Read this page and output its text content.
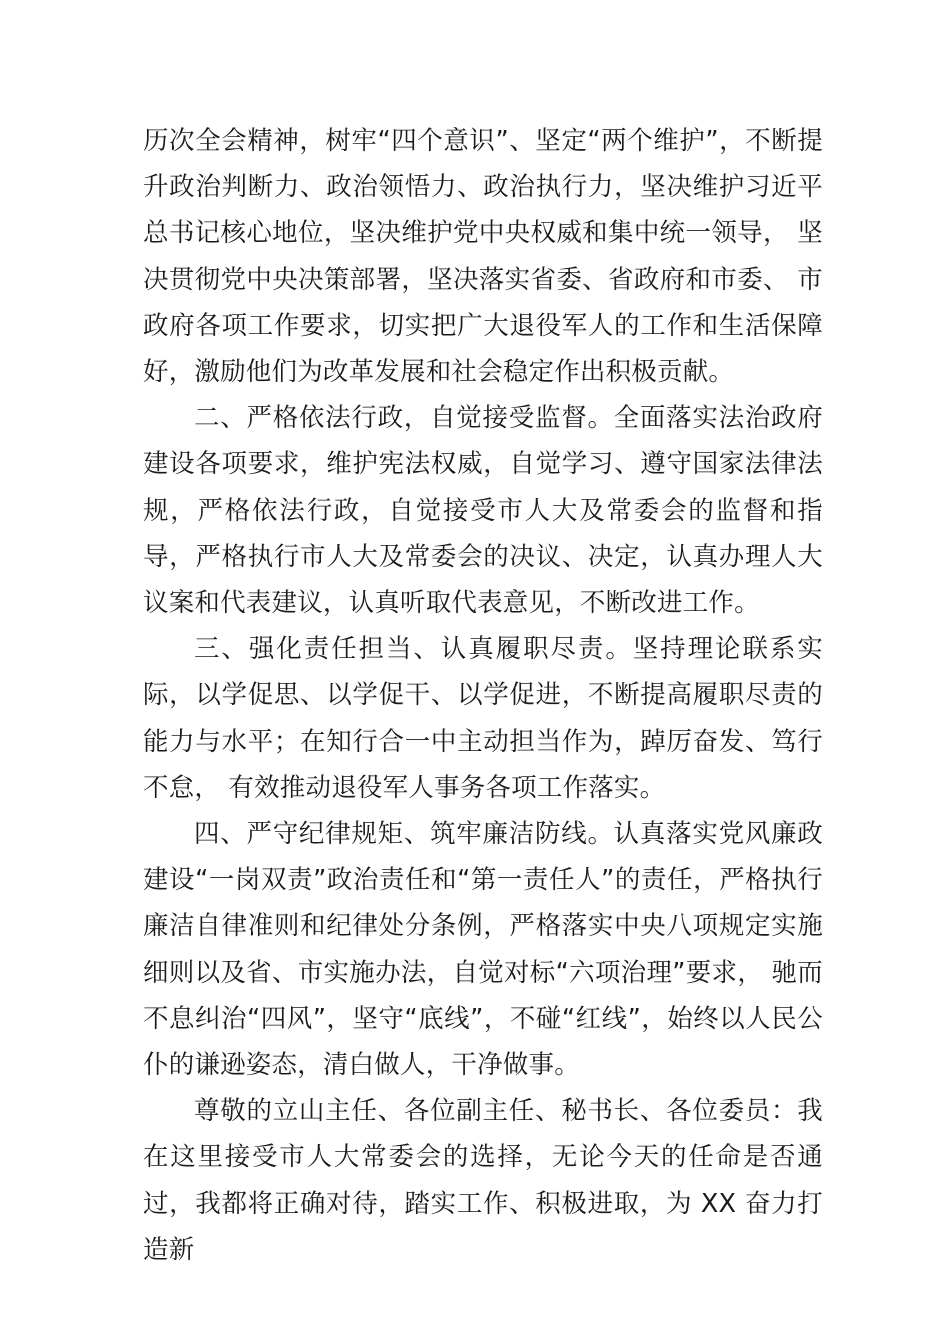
历次全会精神，树牢“四个意识”、坚定“两个维护”，不断提升政治判断力、政治领悟力、政治执行力，坚决维护习近平总书记核心地位，坚决维护党中央权威和集中统一领导， 坚决贯彻党中央决策部署，坚决落实省委、省政府和市委、 市政府各项工作要求，切实把广大退役军人的工作和生活保障好，激励他们为改革发展和社会稳定作出积极贡献。

二、严格依法行政，自觉接受监督。全面落实法治政府建设各项要求，维护宪法权威，自觉学习、遵守国家法律法规，严格依法行政，自觉接受市人大及常委会的监督和指导，严格执行市人大及常委会的决议、决定，认真办理人大议案和代表建议，认真听取代表意见，不断改进工作。

三、强化责任担当、认真履职尽责。坚持理论联系实际，以学促思、以学促干、以学促进，不断提高履职尽责的能力与水平；在知行合一中主动担当作为，踔厉奋发、笃行不怠， 有效推动退役军人事务各项工作落实。

四、严守纪律规矩、筑牢廉洁防线。认真落实党风廉政建设“一岗双责”政治责任和“第一责任人”的责任，严格执行廉洁自律准则和纪律处分条例，严格落实中央八项规定实施细则以及省、市实施办法，自觉对标“六项治理”要求， 驰而不息纠治“四风”，坚守“底线”，不碰“红线”，始终以人民公仆的谦逊姿态，清白做人，干净做事。

尊敬的立山主任、各位副主任、秘书长、各位委员：我在这里接受市人大常委会的选择，无论今天的任命是否通过，我都将正确对待，踏实工作、积极进取，为 XX 奋力打造新
